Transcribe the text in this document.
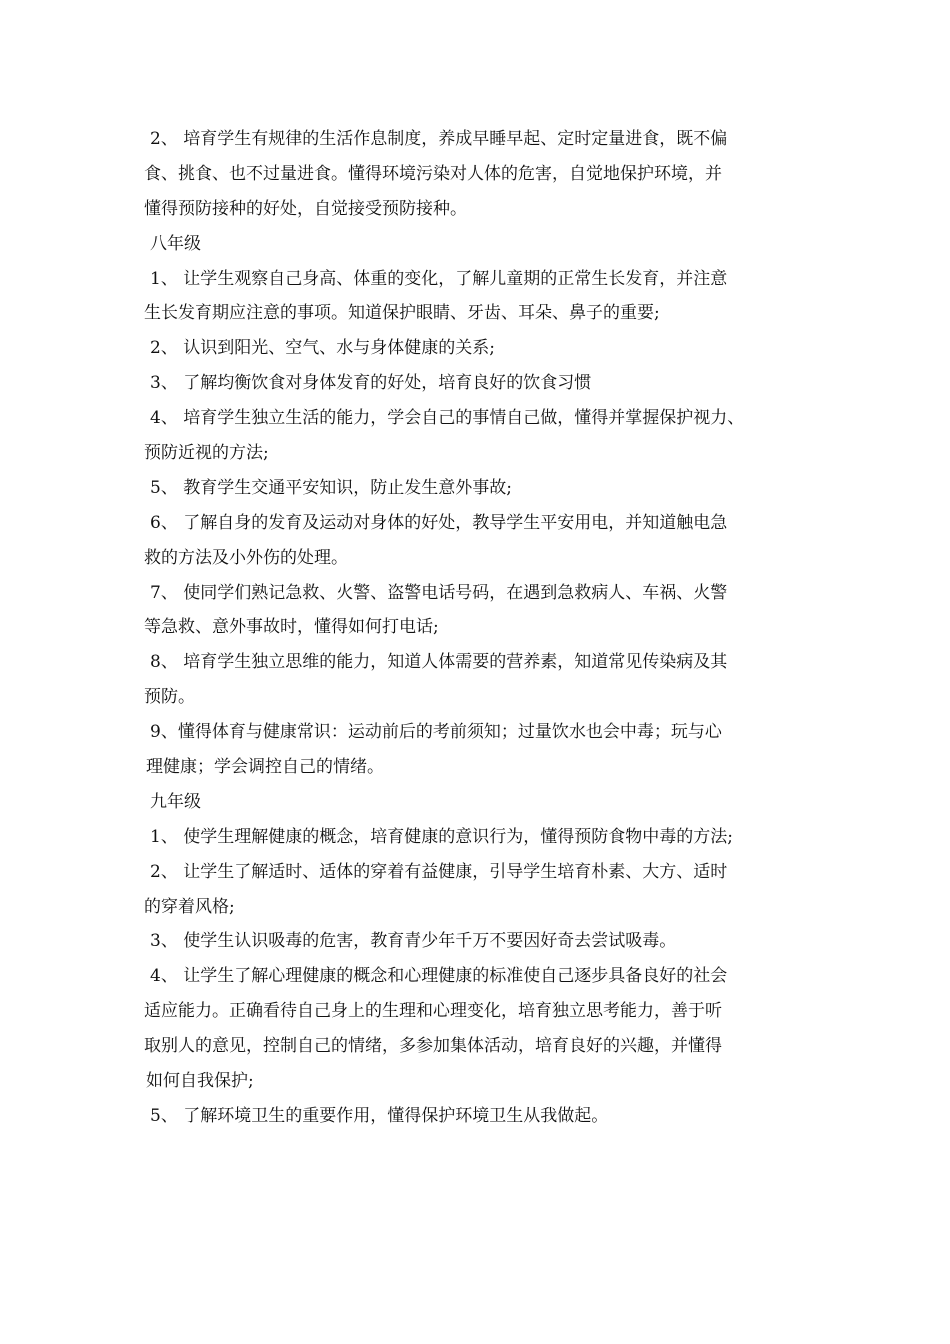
2、 培育学生有规律的生活作息制度，养成早睡早起、定时定量进食，既不偏
食、挑食、也不过量进食。懂得环境污染对人体的危害，自觉地保护环境，并
懂得预防接种的好处，自觉接受预防接种。
八年级
1、 让学生观察自己身高、体重的变化，了解儿童期的正常生长发育，并注意
生长发育期应注意的事项。知道保护眼睛、牙齿、耳朵、鼻子的重要;
2、 认识到阳光、空气、水与身体健康的关系;
3、 了解均衡饮食对身体发育的好处，培育良好的饮食习惯
4、 培育学生独立生活的能力，学会自己的事情自己做，懂得并掌握保护视力、
预防近视的方法;
5、 教育学生交通平安知识，防止发生意外事故;
6、 了解自身的发育及运动对身体的好处，教导学生平安用电，并知道触电急
救的方法及小外伤的处理。
7、 使同学们熟记急救、火警、盗警电话号码，在遇到急救病人、车祸、火警
等急救、意外事故时，懂得如何打电话;
8、 培育学生独立思维的能力，知道人体需要的营养素，知道常见传染病及其
预防。
9、懂得体育与健康常识：运动前后的考前须知；过量饮水也会中毒；玩与心
理健康；学会调控自己的情绪。
九年级
1、 使学生理解健康的概念，培育健康的意识行为，懂得预防食物中毒的方法;
2、 让学生了解适时、适体的穿着有益健康，引导学生培育朴素、大方、适时
的穿着风格;
3、 使学生认识吸毒的危害，教育青少年千万不要因好奇去尝试吸毒。
4、 让学生了解心理健康的概念和心理健康的标准使自己逐步具备良好的社会
适应能力。正确看待自己身上的生理和心理变化，培育独立思考能力，善于听
取别人的意见，控制自己的情绪，多参加集体活动，培育良好的兴趣，并懂得
如何自我保护;
5、 了解环境卫生的重要作用，懂得保护环境卫生从我做起。
